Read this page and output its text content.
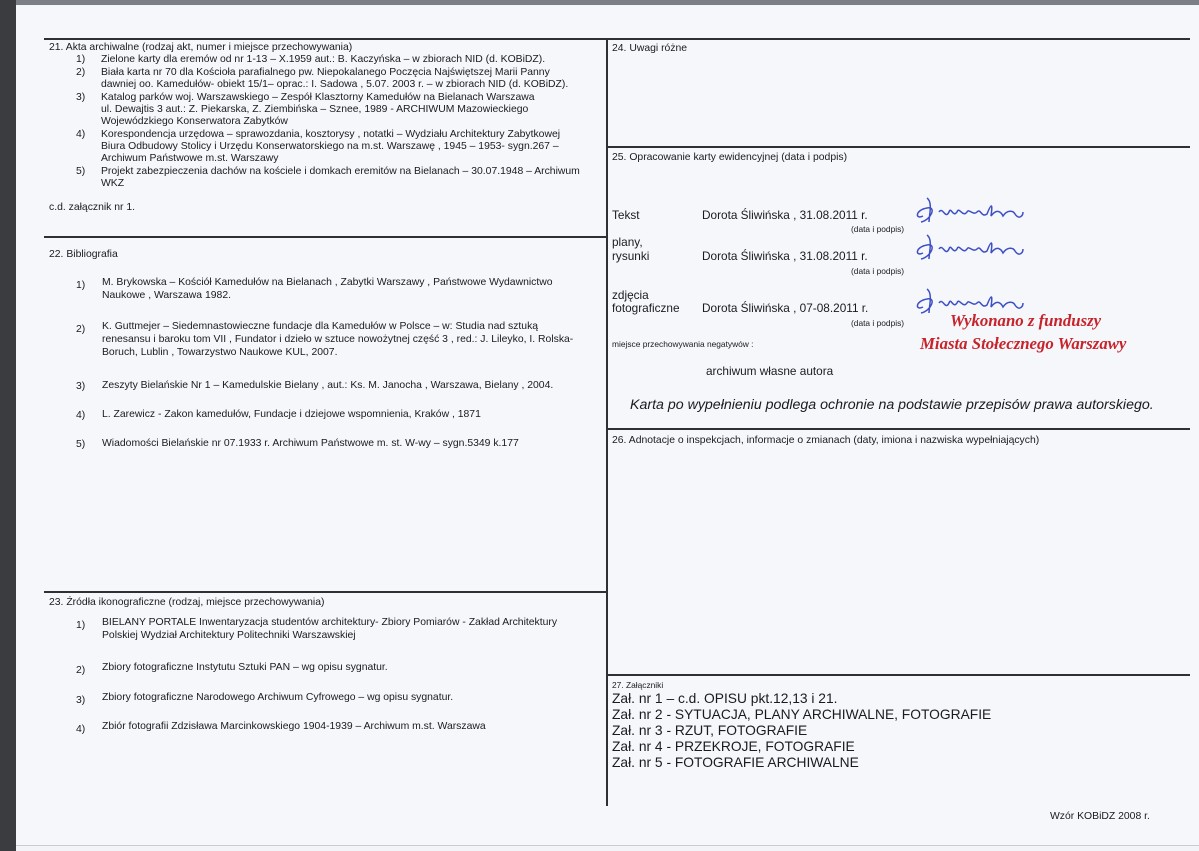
21. Akta archiwalne (rodzaj akt, numer i miejsce przechowywania)
1) Zielone karty dla eremów od nr 1-13 – X.1959 aut.: B. Kaczyńska – w zbiorach NID (d. KOBiDZ).
2) Biała karta nr 70 dla Kościoła parafialnego pw. Niepokalanego Poczęcia Najświętszej Marii Panny
dawniej oo. Kamedułów- obiekt 15/1– oprac.: I. Sadowa , 5.07. 2003 r. – w zbiorach NID (d. KOBiDZ).
3) Katalog parków woj. Warszawskiego – Zespół Klasztorny Kamedułów na Bielanach Warszawa
ul. Dewajtis 3 aut.: Z. Piekarska, Z. Ziembińska – Sznee, 1989 - ARCHIWUM Mazowieckiego
Wojewódzkiego Konserwatora Zabytków
4) Korespondencja urzędowa – sprawozdania, kosztorysy , notatki – Wydziału Architektury Zabytkowej
Biura Odbudowy Stolicy i Urzędu Konserwatorskiego na m.st. Warszawę , 1945 – 1953- sygn.267 –
Archiwum Państwowe m.st. Warszawy
5) Projekt zabezpieczenia dachów na kościele i domkach eremitów na Bielanach – 30.07.1948 – Archiwum
WKZ
c.d. załącznik nr 1.
22. Bibliografia
1) M. Brykowska – Kościół Kamedułów na Bielanach , Zabytki Warszawy , Państwowe Wydawnictwo
Naukowe , Warszawa 1982.
2) K. Guttmejer – Siedemnastowieczne fundacje dla Kamedułów w Polsce – w: Studia nad sztuką
renesansu i baroku tom VII , Fundator i dzieło w sztuce nowożytnej część 3 , red.: J. Lileyko, I. Rolska-
Boruch, Lublin , Towarzystwo Naukowe KUL, 2007.
3) Zeszyty Bielańskie Nr 1 – Kamedulskie Bielany , aut.: Ks. M. Janocha , Warszawa, Bielany , 2004.
4) L. Zarewicz - Zakon kamedułów, Fundacje i dziejowe wspomnienia, Kraków , 1871
5) Wiadomości Bielańskie nr 07.1933 r. Archiwum Państwowe m. st. W-wy – sygn.5349 k.177
23. Źródła ikonograficzne (rodzaj, miejsce przechowywania)
1) BIELANY PORTALE Inwentaryzacja studentów architektury- Zbiory Pomiarów - Zakład Architektury
Polskiej Wydział Architektury Politechniki Warszawskiej
2) Zbiory fotograficzne Instytutu Sztuki PAN – wg opisu sygnatur.
3) Zbiory fotograficzne Narodowego Archiwum Cyfrowego – wg opisu sygnatur.
4) Zbiór fotografii Zdzisława Marcinkowskiego 1904-1939 – Archiwum m.st. Warszawa
24. Uwagi różne
25. Opracowanie karty ewidencyjnej (data i podpis)
Tekst	Dorota Śliwińska , 31.08.2011 r.
(data i podpis)
plany,
rysunki	Dorota Śliwińska , 31.08.2011 r.
(data i podpis)
zdjęcia
fotograficzne Dorota Śliwińska , 07-08.2011 r.
(data i podpis)	Wykonano z funduszy
Miasta Stołecznego Warszawy
miejsce przechowywania negatywów :
archiwum własne autora
Karta po wypełnieniu podlega ochronie na podstawie przepisów prawa autorskiego.
26. Adnotacje o inspekcjach, informacje o zmianach (daty, imiona i nazwiska wypełniających)
27. Załączniki
Zał. nr 1 – c.d. OPISU pkt.12,13 i 21.
Zał. nr 2 - SYTUACJA, PLANY ARCHIWALNE, FOTOGRAFIE
Zał. nr 3 - RZUT, FOTOGRAFIE
Zał. nr 4 - PRZEKROJE, FOTOGRAFIE
Zał. nr 5 - FOTOGRAFIE ARCHIWALNE
Wzór KOBiDZ 2008 r.
